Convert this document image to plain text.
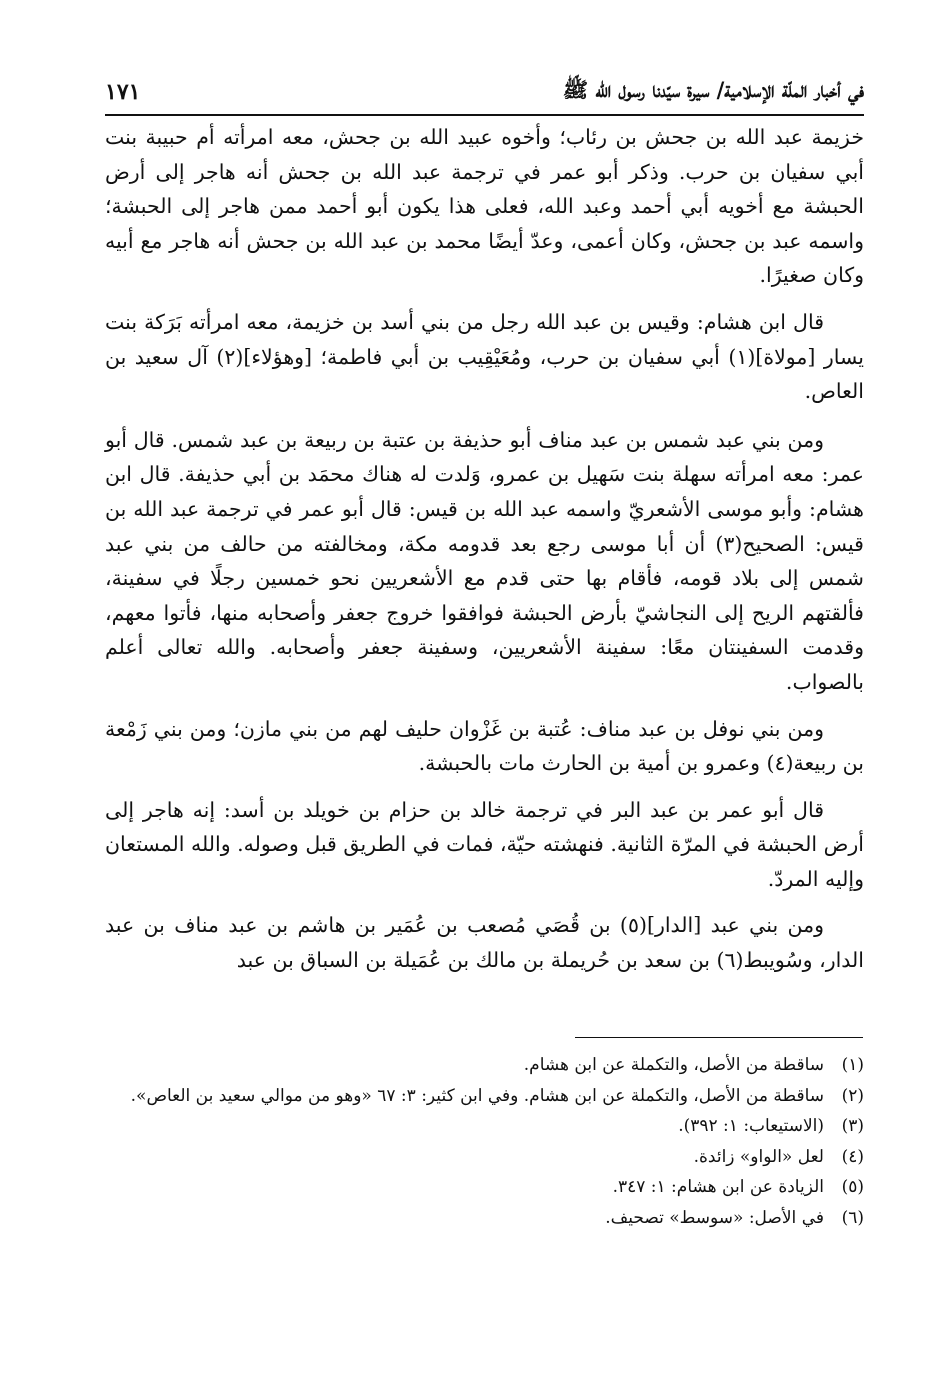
في أخبار الملّة الإسلامية/ سيرة سيّدنا رسول الله ﷺ
١٧١

خزيمة عبد الله بن جحش بن رئاب؛ وأخوه عبيد الله بن جحش، معه امرأته أم حبيبة بنت أبي سفيان بن حرب. وذكر أبو عمر في ترجمة عبد الله بن جحش أنه هاجر إلى أرض الحبشة مع أخويه أبي أحمد وعبد الله، فعلى هذا يكون أبو أحمد ممن هاجر إلى الحبشة؛ واسمه عبد بن جحش، وكان أعمى، وعدّ أيضًا محمد بن عبد الله بن جحش أنه هاجر مع أبيه وكان صغيرًا.

قال ابن هشام: وقيس بن عبد الله رجل من بني أسد بن خزيمة، معه امرأته بَرَكة بنت يسار [مولاة](١) أبي سفيان بن حرب، ومُعَيْقِيب بن أبي فاطمة؛ [وهؤلاء](٢) آل سعيد بن العاص.

ومن بني عبد شمس بن عبد مناف أبو حذيفة بن عتبة بن ربيعة بن عبد شمس. قال أبو عمر: معه امرأته سهلة بنت سَهيل بن عمرو، وَلدت له هناك محمَد بن أبي حذيفة. قال ابن هشام: وأبو موسى الأشعريّ واسمه عبد الله بن قيس: قال أبو عمر في ترجمة عبد الله بن قيس: الصحيح(٣) أن أبا موسى رجع بعد قدومه مكة، ومخالفته من حالف من بني عبد شمس إلى بلاد قومه، فأقام بها حتى قدم مع الأشعريين نحو خمسين رجلًا في سفينة، فألقتهم الريح إلى النجاشيّ بأرض الحبشة فوافقوا خروج جعفر وأصحابه منها، فأتوا معهم، وقدمت السفينتان معًا: سفينة الأشعريين، وسفينة جعفر وأصحابه. والله تعالى أعلم بالصواب.

ومن بني نوفل بن عبد مناف: عُتبة بن غَزْوان حليف لهم من بني مازن؛ ومن بني زَمْعة بن ربيعة(٤) وعمرو بن أمية بن الحارث مات بالحبشة.

قال أبو عمر بن عبد البر في ترجمة خالد بن حزام بن خويلد بن أسد: إنه هاجر إلى أرض الحبشة في المرّة الثانية. فنهشته حيّة، فمات في الطريق قبل وصوله. والله المستعان وإليه المردّ.

ومن بني عبد [الدار](٥) بن قُصَي مُصعب بن عُمَير بن هاشم بن عبد مناف بن عبد الدار، وسُويبط(٦) بن سعد بن حُريملة بن مالك بن عُمَيلة بن السباق بن عبد

(١)
ساقطة من الأصل، والتكملة عن ابن هشام.
(٢)
ساقطة من الأصل، والتكملة عن ابن هشام. وفي ابن كثير: ٣: ٦٧ «وهو من موالي سعيد بن العاص».
(٣)
(الاستيعاب: ١: ٣٩٢).
(٤)
لعل «الواو» زائدة.
(٥)
الزيادة عن ابن هشام: ١: ٣٤٧.
(٦)
في الأصل: «سوسط» تصحيف.
